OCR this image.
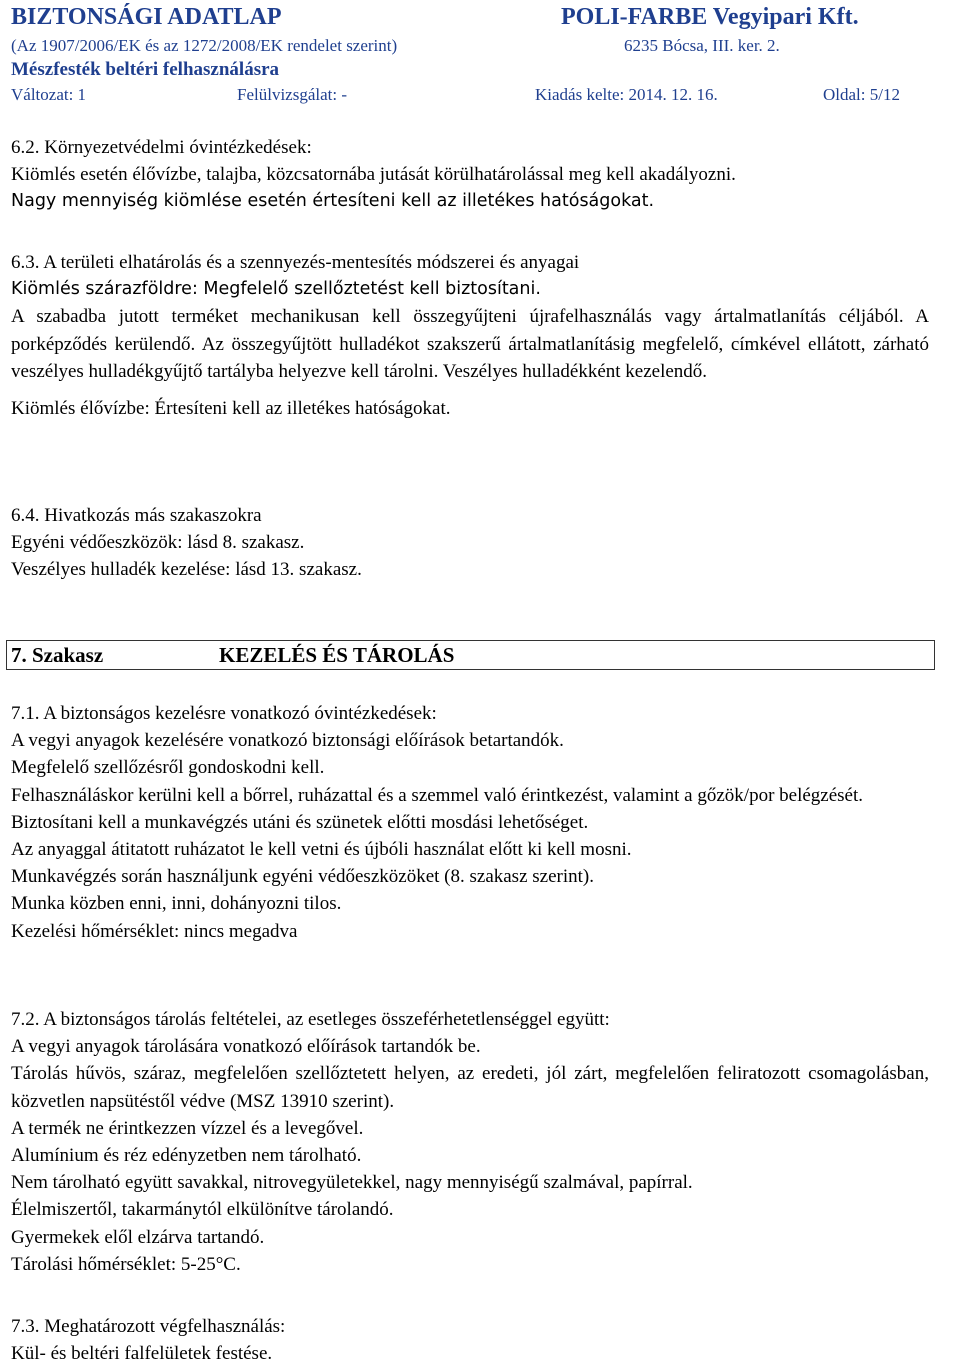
BIZTONSÁGI ADATLAP	POLI-FARBE Vegyipari Kft.
(Az 1907/2006/EK és az 1272/2008/EK rendelet szerint)	6235 Bócsa, III. ker. 2.
Mészfesték beltéri felhasználásra
Változat: 1	Felülvizsgálat: -	Kiadás kelte: 2014. 12. 16.	Oldal: 5/12
6.2. Környezetvédelmi óvintézkedések:
Kiömlés esetén élővízbe, talajba, közcsatornába jutását körülhatárolással meg kell akadályozni.
Nagy mennyiség kiömlése esetén értesíteni kell az illetékes hatóságokat.
6.3. A területi elhatárolás és a szennyezés-mentesítés módszerei és anyagai
Kiömlés szárazföldre: Megfelelő szellőztetést kell biztosítani.
A szabadba jutott terméket mechanikusan kell összegyűjteni újrafelhasználás vagy ártalmatlanítás céljából. A porképződés kerülendő. Az összegyűjtött hulladékot szakszerű ártalmatlanításig megfelelő, címkével ellátott, zárható veszélyes hulladékgyűjtő tartályba helyezve kell tárolni. Veszélyes hulladékként kezelendő.
Kiömlés élővízbe: Értesíteni kell az illetékes hatóságokat.
6.4. Hivatkozás más szakaszokra
Egyéni védőeszközök: lásd 8. szakasz.
Veszélyes hulladék kezelése: lásd 13. szakasz.
7. Szakasz	KEZELÉS ÉS TÁROLÁS
7.1. A biztonságos kezelésre vonatkozó óvintézkedések:
A vegyi anyagok kezelésére vonatkozó biztonsági előírások betartandók.
Megfelelő szellőzésről gondoskodni kell.
Felhasználáskor kerülni kell a bőrrel, ruházattal és a szemmel való érintkezést, valamint a gőzök/por belégzését.
Biztosítani kell a munkavégzés utáni és szünetek előtti mosdási lehetőséget.
Az anyaggal átitatott ruházatot le kell vetni és újbóli használat előtt ki kell mosni.
Munkavégzés során használjunk egyéni védőeszközöket (8. szakasz szerint).
Munka közben enni, inni, dohányozni tilos.
Kezelési hőmérséklet: nincs megadva
7.2. A biztonságos tárolás feltételei, az esetleges összeférhetetlenséggel együtt:
A vegyi anyagok tárolására vonatkozó előírások tartandók be.
Tárolás hűvös, száraz, megfelelően szellőztetett helyen, az eredeti, jól zárt, megfelelően feliratozott csomagolásban, közvetlen napsütéstől védve (MSZ 13910 szerint).
A termék ne érintkezzen vízzel és a levegővel.
Alumínium és réz edényzetben nem tárolható.
Nem tárolható együtt savakkal, nitrovegyületekkel, nagy mennyiségű szalmával, papírral.
Élelmiszertől, takarmánytól elkülönítve tárolandó.
Gyermekek elől elzárva tartandó.
Tárolási hőmérséklet: 5-25°C.
7.3. Meghatározott végfelhasználás:
Kül- és beltéri falfelületek festése.
